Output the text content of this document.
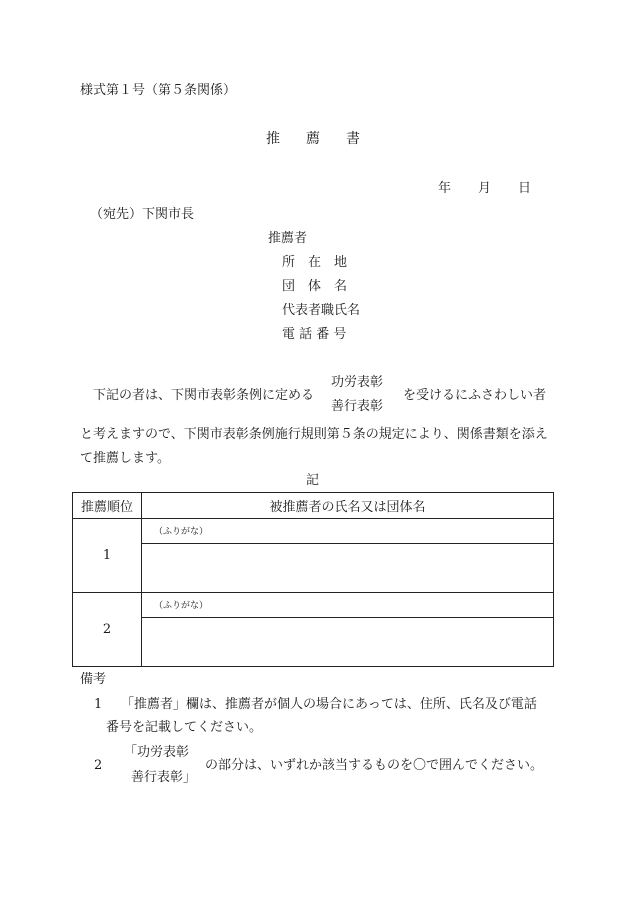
様式第１号（第５条関係）
推 薦 書
年 月 日
（宛先）下関市長
推薦者
所　在　地
団　体　名
代表者職氏名
電 話 番 号
下記の者は、下関市表彰条例に定める
功労表彰
善行表彰
を受けるにふさわしい者
と考えますので、下関市表彰条例施行規則第５条の規定により、関係書類を添え
て推薦します。
記
推薦順位	被推薦者の氏名又は団体名
1	（ふりがな）

2	（ふりがな）

備考
1 「推薦者」欄は、推薦者が個人の場合にあっては、住所、氏名及び電話
番号を記載してください。
2
「功労表彰
善行表彰」
の部分は、いずれか該当するものを〇で囲んでください。
